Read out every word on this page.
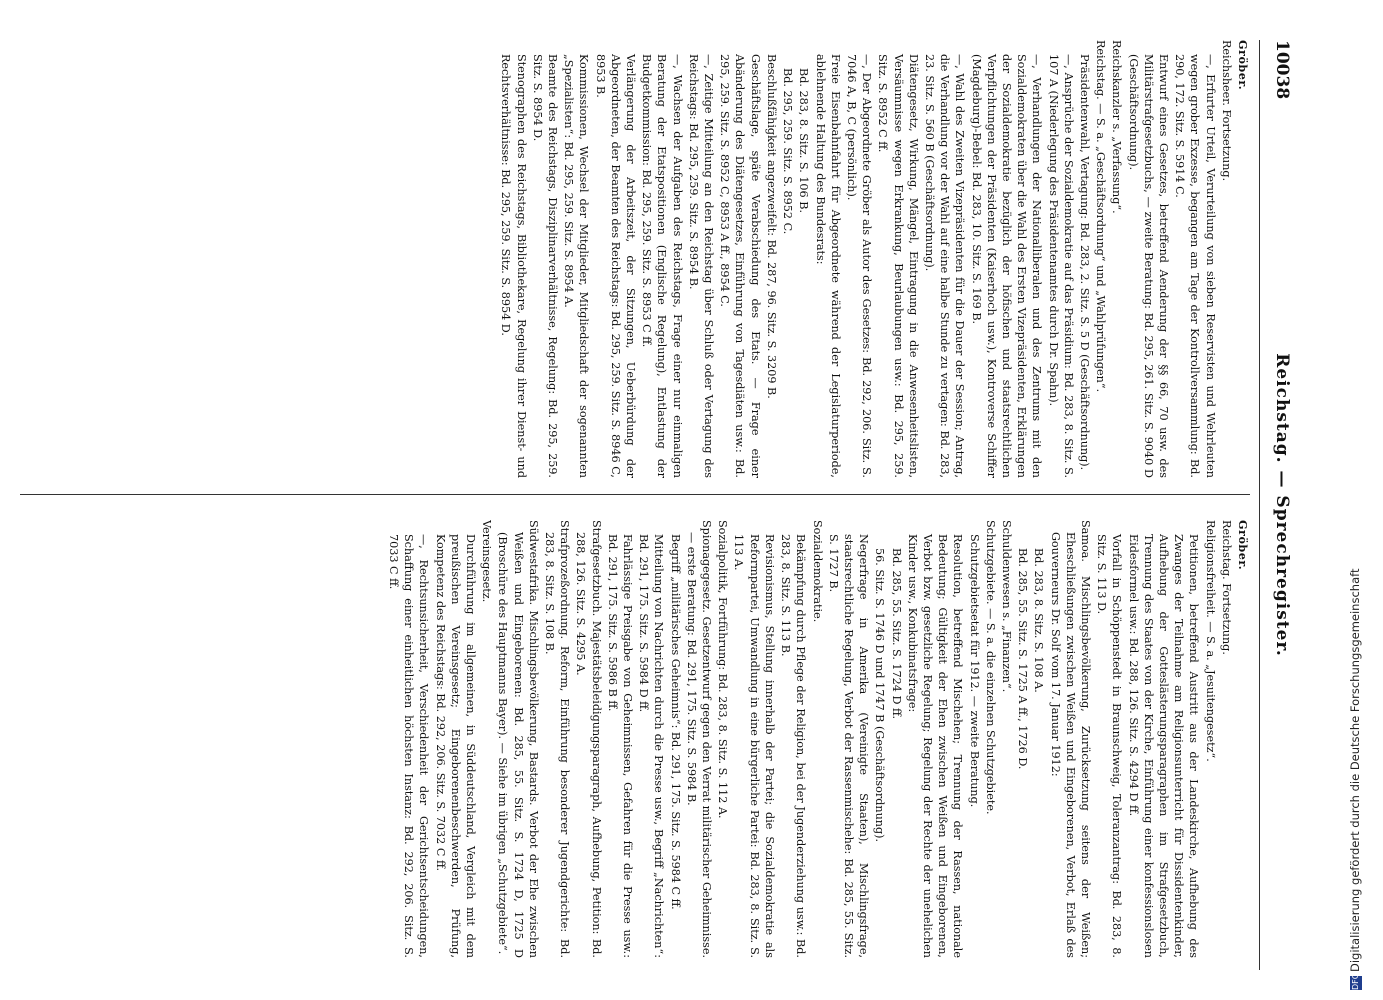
10038
Reichstag. — Sprechregister.

Gröber.

Reichsheer. Fortsetzung.

—, Erfurter Urteil, Verurteilung von sieben Reservisten und Wehrleuten wegen grober Exzesse, begangen am Tage der Kontrollversammlung: Bd. 290, 172. Sitz. S. 5914 C.

Entwurf eines Gesetzes, betreffend Aenderung der §§ 66, 70 usw. des Militärstrafgesetzbuchs, — zweite Beratung: Bd. 295, 261. Sitz. S. 9040 D (Geschäftsordnung).

Reichskanzler s. „Verfassung“.

Reichstag. — S. a. „Geschäftsordnung“ und „Wahlprüfungen“.

Präsidentenwahl, Vertagung: Bd. 283, 2. Sitz. S. 5 D (Geschäftsordnung).

—, Ansprüche der Sozialdemokratie auf das Präsidium: Bd. 283, 8. Sitz. S. 107 A (Niederlegung des Präsidentenamtes durch Dr. Spahn).

—, Verhandlungen der Nationalliberalen und des Zentrums mit den Sozialdemokraten über die Wahl des Ersten Vizepräsidenten, Erklärungen der Sozialdemokratie bezüglich der höfischen und staatsrechtlichen Verpflichtungen der Präsidenten (Kaiserhoch usw.), Kontroverse Schiffer (Magdeburg)-Bebel: Bd. 283, 10. Sitz. S. 169 B.

—, Wahl des Zweiten Vizepräsidenten für die Dauer der Session; Antrag, die Verhandlung vor der Wahl auf eine halbe Stunde zu vertagen: Bd. 283, 23. Sitz. S. 560 B (Geschäftsordnung).

Diätengesetz, Wirkung, Mängel, Eintragung in die Anwesenheitslisten, Versäumnisse wegen Erkrankung, Beurlaubungen usw.: Bd. 295, 259. Sitz. S. 8952 C ff.

—, Der Abgeordnete Gröber als Autor des Gesetzes: Bd. 292, 206. Sitz. S. 7046 A, B, C (persönlich).

Freie Eisenbahnfahrt für Abgeordnete während der Legislaturperiode, ablehnende Haltung des Bundesrats:

Bd. 283, 8. Sitz. S. 106 B.

Bd. 295, 259. Sitz. S. 8952 C.

Beschlußfähigkeit angezweifelt: Bd. 287, 96. Sitz. S. 3209 B.

Geschäftslage, späte Verabschiedung des Etats. — Frage einer Abänderung des Diätengesetzes, Einführung von Tagesdiäten usw.: Bd. 295, 259. Sitz. S. 8952 C, 8953 A ff., 8954 C.

—, Zeitige Mitteilung an den Reichstag über Schluß oder Vertagung des Reichstags: Bd. 295, 259. Sitz. S. 8954 B.

—, Wachsen der Aufgaben des Reichstags, Frage einer nur einmaligen Beratung der Etatspositionen (Englische Regelung), Entlastung der Budgetkommission: Bd. 295, 259. Sitz. S. 8953 C ff.

Verlängerung der Arbeitszeit, der Sitzungen, Ueberbürdung der Abgeordneten, der Beamten des Reichstags: Bd. 295, 259. Sitz. S. 8946 C, 8953 B.

Kommissionen, Wechsel der Mitglieder, Mitgliedschaft der sogenannten „Spezialisten“: Bd. 295, 259. Sitz. S. 8954 A.

Beamte des Reichstags, Disziplinarverhältnisse, Regelung: Bd. 295, 259. Sitz. S. 8954 D.

Stenographen des Reichstags, Bibliothekare, Regelung ihrer Dienst- und Rechtsverhältnisse: Bd. 295, 259. Sitz. S. 8954 D.

Gröber.

Reichstag. Fortsetzung.

Religionsfreiheit. — S. a. „Jesuitengesetz“.

Petitionen, betreffend Austritt aus der Landeskirche, Aufhebung des Zwanges der Teilnahme am Religionsunterricht für Dissidentenkinder, Aufhebung der Gotteslästerungsparagraphen im Strafgesetzbuch, Trennung des Staates von der Kirche, Einführung einer konfessionslosen Eidesformel usw.: Bd. 288, 126. Sitz. S. 4294 D ff.

Vorfall in Schöppenstedt in Braunschweig, Toleranzantrag: Bd. 283, 8. Sitz. S. 113 D.

Samoa. Mischlingsbevölkerung, Zurücksetzung seitens der Weißen; Eheschließungen zwischen Weißen und Eingeborenen, Verbot, Erlaß des Gouverneurs Dr. Solf vom 17. Januar 1912:

Bd. 283, 8. Sitz. S. 108 A.

Bd. 285, 55. Sitz. S. 1725 A ff., 1726 D.

Schuldenwesen s. „Finanzen“.

Schutzgebiete. — S. a. die einzelnen Schutzgebiete.

Schutzgebietsetat für 1912. — zweite Beratung.

Resolution, betreffend Mischehen; Trennung der Rassen, nationale Bedeutung; Gültigkeit der Ehen zwischen Weißen und Eingeborenen, Verbot bzw. gesetzliche Regelung; Regelung der Rechte der unehelichen Kinder usw., Konkubinatsfrage:

Bd. 285, 55. Sitz. S. 1724 D ff.

56. Sitz. S. 1746 D und 1747 B (Geschäftsordnung).

Negerfrage in Amerika (Vereinigte Staaten), Mischlingsfrage, staatsrechtliche Regelung, Verbot der Rassenmischehe: Bd. 285, 55. Sitz. S. 1727 B.

Sozialdemokratie.

Bekämpfung durch Pflege der Religion, bei der Jugenderziehung usw.: Bd. 283, 8. Sitz. S. 113 B.

Revisionismus, Stellung innerhalb der Partei; die Sozialdemokratie als Reformpartei, Umwandlung in eine bürgerliche Partei: Bd. 283, 8. Sitz. S. 113 A.

Sozialpolitik, Fortführung: Bd. 283, 8. Sitz. S. 112 A.

Spionagegesetz. Gesetzentwurf gegen den Verrat militärischer Geheimnisse. — erste Beratung: Bd. 291, 175. Sitz. S. 5984 B.

Begriff „militärisches Geheimnis“: Bd. 291, 175. Sitz. S. 5984 C ff.

Mitteilung von Nachrichten durch die Presse usw., Begriff „Nachrichten“: Bd. 291, 175. Sitz. S. 5984 D ff.

Fahrlässige Preisgabe von Geheimnissen, Gefahren für die Presse usw.: Bd. 291, 175. Sitz. S. 5986 B ff.

Strafgesetzbuch. Majestätsbeleidigungsparagraph, Aufhebung, Petition: Bd. 288, 126. Sitz. S. 4295 A.

Strafprozeßordnung. Reform, Einführung besonderer Jugendgerichte: Bd. 283, 8. Sitz. S. 108 B.

Südwestafrika. Mischlingsbevölkerung, Bastards. Verbot der Ehe zwischen Weißen und Eingeborenen: Bd. 285, 55. Sitz. S. 1724 D, 1725 D (Broschüre des Hauptmanns Bayer). — Siehe im übrigen „Schutzgebiete“.

Vereinsgesetz.

Durchführung im allgemeinen, in Süddeutschland, Vergleich mit dem preußischen Vereinsgesetz; Eingeborenenbeschwerden, Prüfung, Kompetenz des Reichstags: Bd. 292, 206. Sitz. S. 7032 C ff.

—, Rechtsunsicherheit, Verschiedenheit der Gerichtsentscheidungen, Schaffung einer einheitlichen höchsten Instanz: Bd. 292, 206. Sitz. S. 7033 C ff.

DFGDigitalisierung gefördert durch die Deutsche Forschungsgemeinschaft
